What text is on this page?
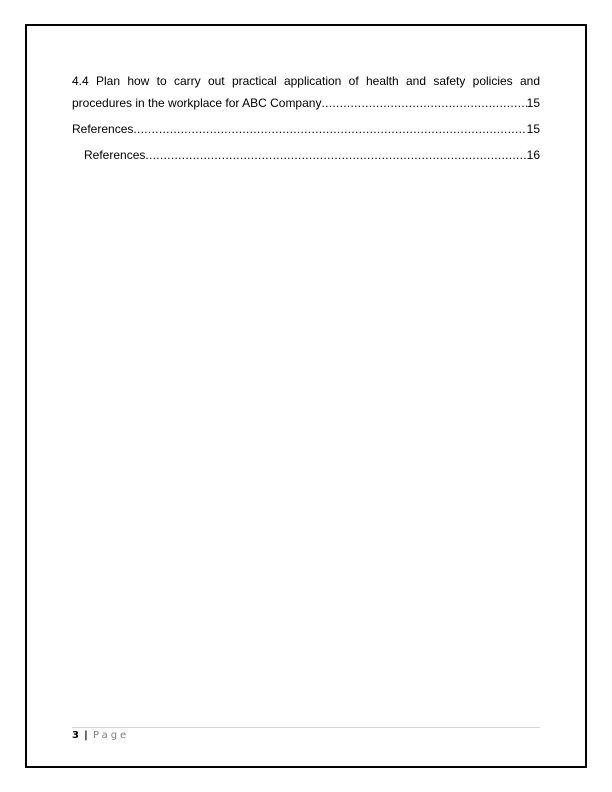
4.4 Plan how to carry out practical application of health and safety policies and
procedures in the workplace for ABC Company .....	15
References .....	15
References .....	16
3 | Page
